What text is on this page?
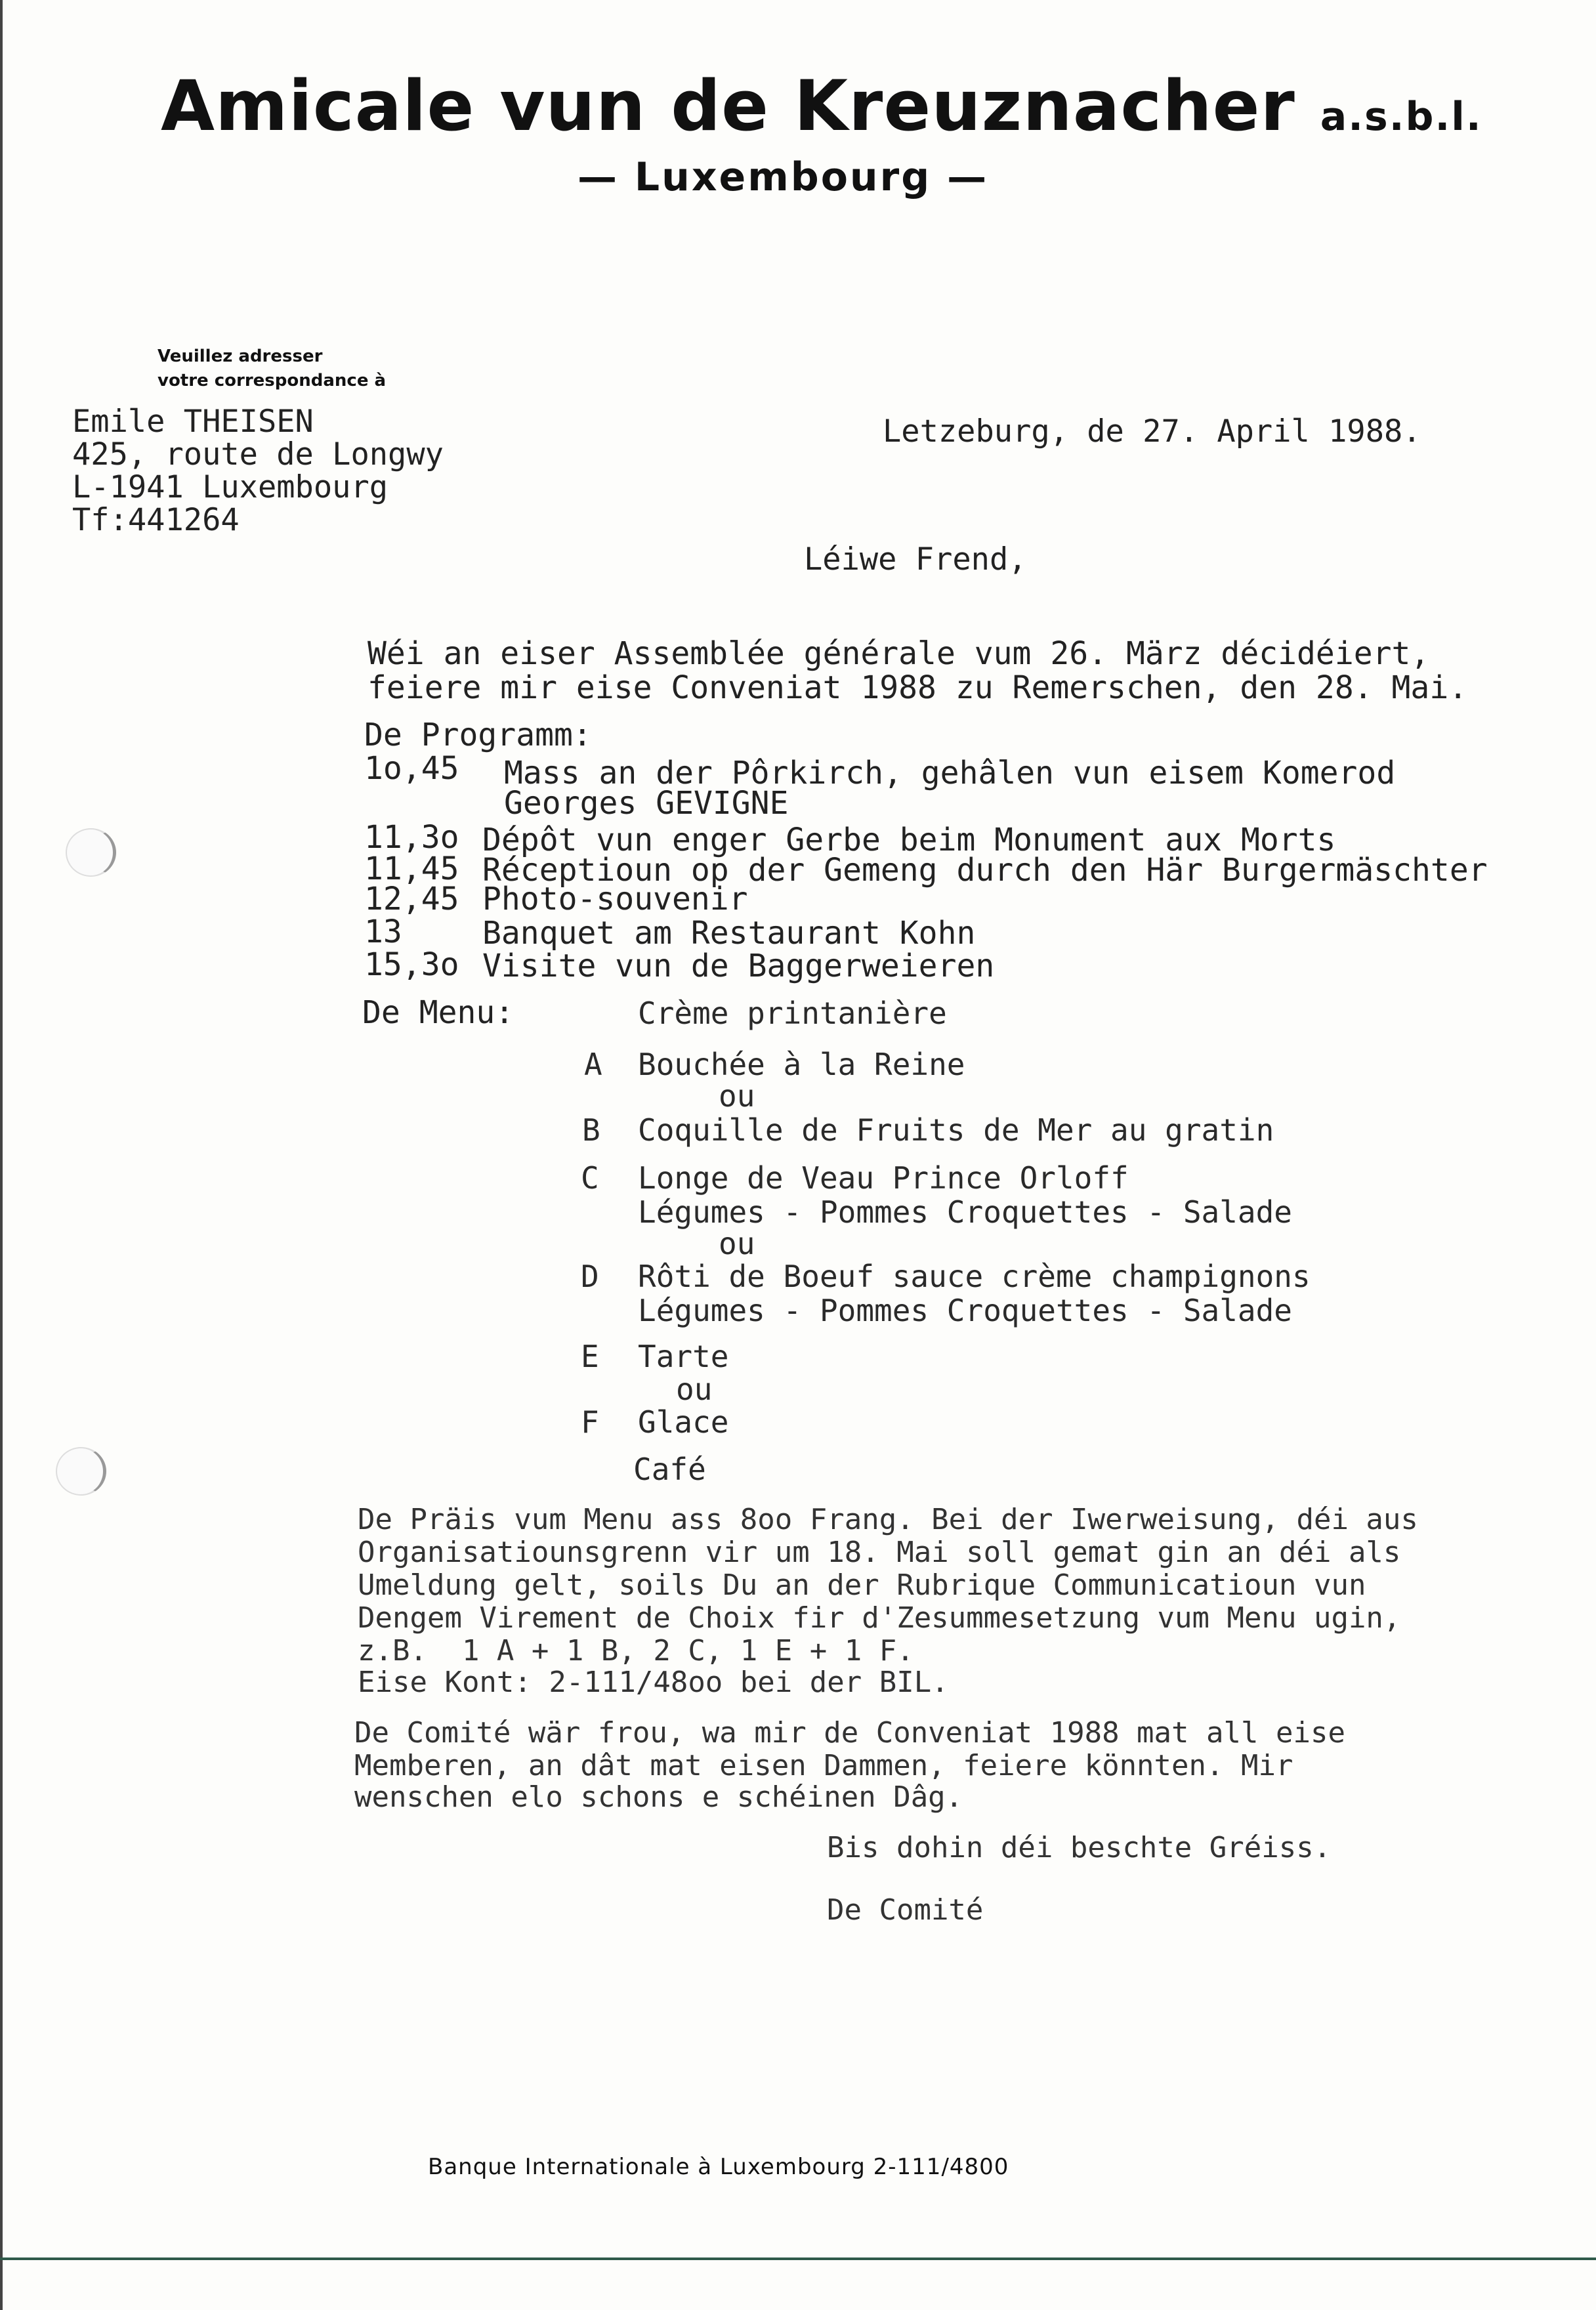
Amicale vun de Kreuznacher a.s.b.l.
— Luxembourg —
Veuillez adresser
votre correspondance à
Emile THEISEN
425, route de Longwy
L-1941 Luxembourg
Tf:441264
Letzeburg, de 27. April 1988.
Léiwe Frend,
Wéi an eiser Assemblée générale vum 26. März décidéiert,
feiere mir eise Conveniat 1988 zu Remerschen, den 28. Mai.
De Programm:
1o,45 Mass an der Pôrkirch, gehâlen vun eisem Komerod
Georges GEVIGNE
11,3o Dépôt vun enger Gerbe beim Monument aux Morts
11,45 Réceptioun op der Gemeng durch den Här Burgermäschter
12,45 Photo-souvenir
13	Banquet am Restaurant Kohn
15,3o Visite vun de Baggerweieren
De Menu:	Crème printanière
A Bouchée à la Reine
ou
B Coquille de Fruits de Mer au gratin
C Longe de Veau Prince Orloff
Légumes - Pommes Croquettes - Salade
ou
D Rôti de Boeuf sauce crème champignons
Légumes - Pommes Croquettes - Salade
E Tarte
ou
F Glace
Café
De Präis vum Menu ass 8oo Frang. Bei der Iwerweisung, déi aus
Organisatiounsgrenn vir um 18. Mai soll gemat gin an déi als
Umeldung gelt, soils Du an der Rubrique Communicatioun vun
Dengem Virement de Choix fir d'Zesummesetzung vum Menu ugin,
z.B.  1 A + 1 B, 2 C, 1 E + 1 F.
Eise Kont: 2-111/48oo bei der BIL.
De Comité wär frou, wa mir de Conveniat 1988 mat all eise
Memberen, an dât mat eisen Dammen, feiere könnten. Mir
wenschen elo schons e schéinen Dâg.
Bis dohin déi beschte Gréiss.
De Comité
Banque Internationale à Luxembourg 2-111/4800
